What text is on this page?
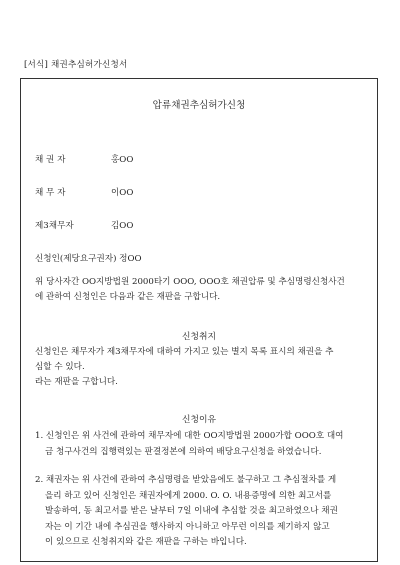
[서식] 채권추심허가신청서
압류채권추심허가신청
채 권 자	홍OO
채 무 자	이OO
제3채무자	김OO
신청인(제당요구권자) 정OO
위 당사자간 OO지방법원 2000타기 OOO, OOO호 채권압류 및 추심명령신청사건
에 관하여 신청인은 다음과 같은 재판을 구합니다.
신청취지
신청인은 채무자가 제3채무자에 대하여 가지고 있는 별지 목록 표시의 채권을 추
심할 수 있다.
라는 재판을 구합니다.
신청이유
1. 신청인은 위 사건에 관하여 채무자에 대한 OO지방법원 2000가합 OOO호 대여
금 청구사건의 집행력있는 판결정본에 의하여 배당요구신청을 하였습니다.
2. 채권자는 위 사건에 관하여 추심명령을 받았음에도 불구하고 그 추심절차를 게
을리 하고 있어 신청인은 채권자에게 2000. O. O. 내용증명에 의한 최고서를
발송하여, 동 최고서를 받은 날부터 7일 이내에 추심할 것을 최고하였으나 채권
자는 이 기간 내에 추심권을 행사하지 아니하고 아무런 이의를 제기하지 않고
이 있으므로 신청취지와 같은 재판을 구하는 바입니다.
